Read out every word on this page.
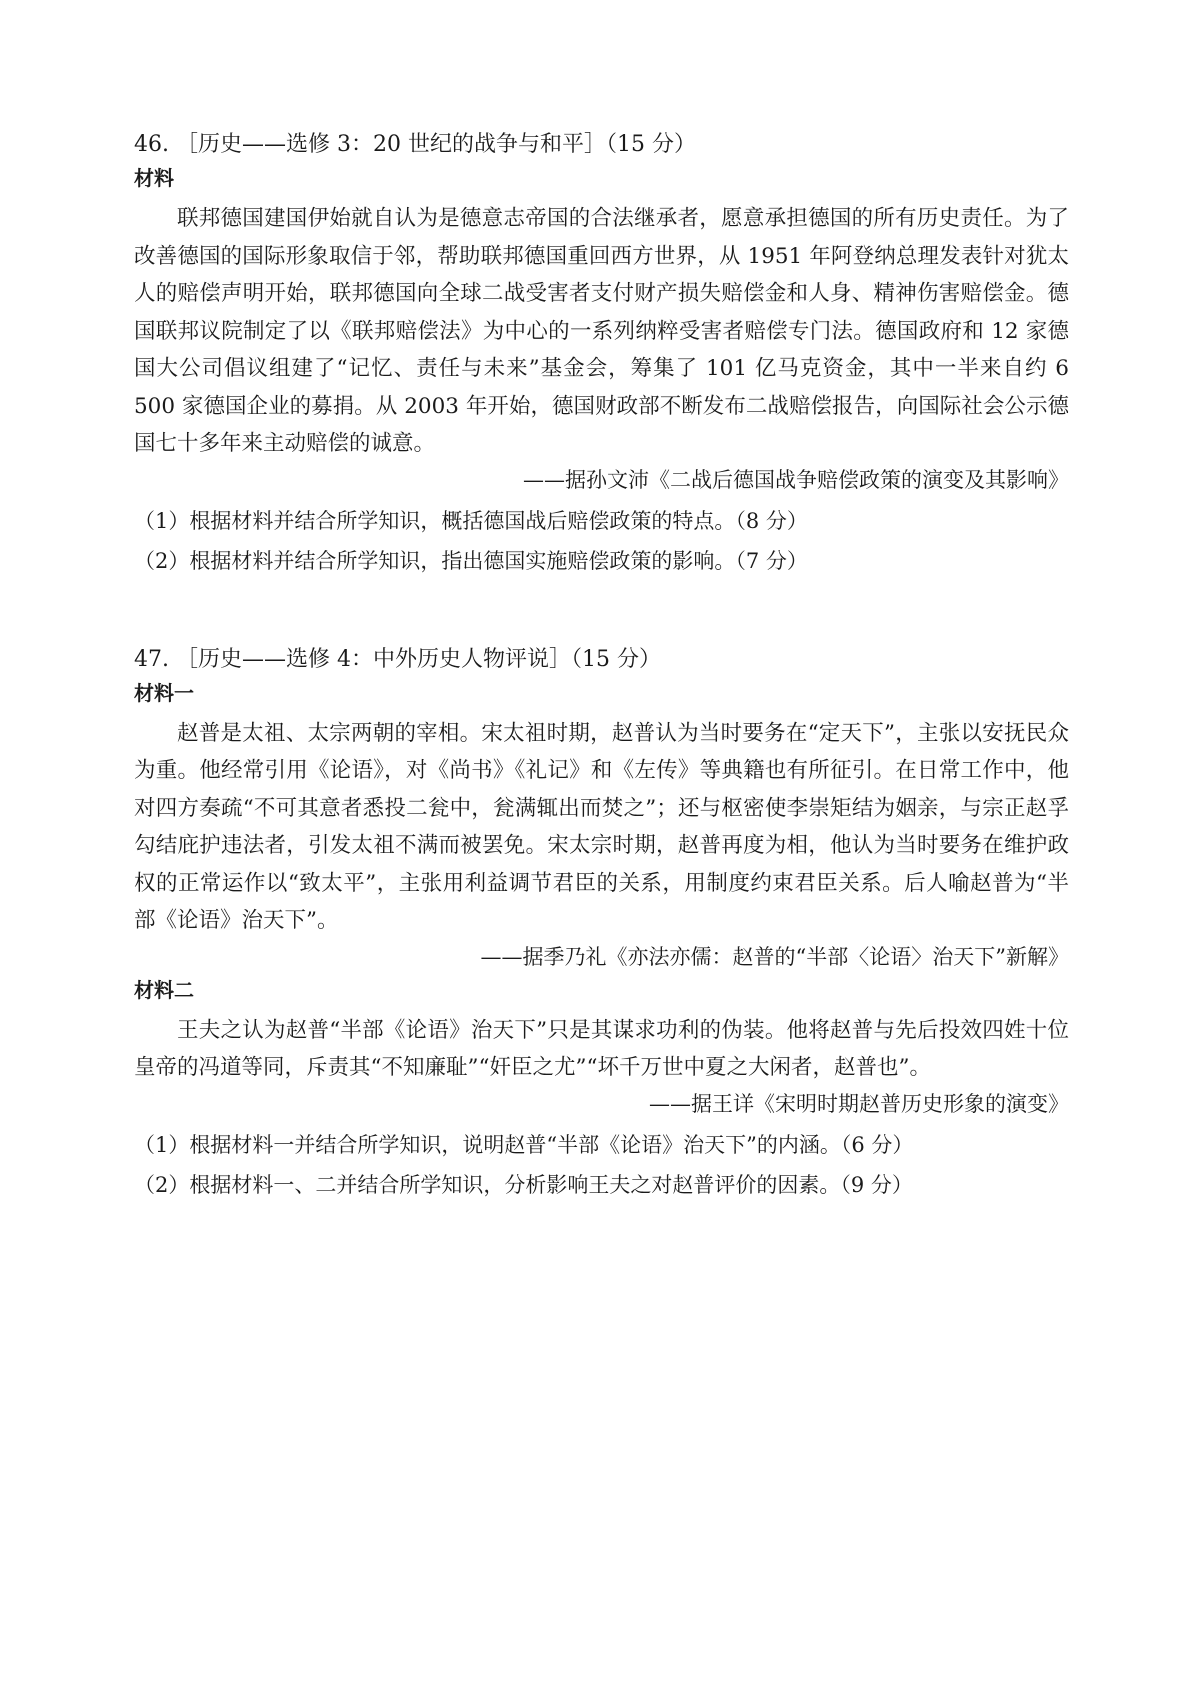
46. ［历史——选修 3：20 世纪的战争与和平］（15 分）
材料

联邦德国建国伊始就自认为是德意志帝国的合法继承者，愿意承担德国的所有历史责任。为了改善德国的国际形象取信于邻，帮助联邦德国重回西方世界，从 1951 年阿登纳总理发表针对犹太人的赔偿声明开始，联邦德国向全球二战受害者支付财产损失赔偿金和人身、精神伤害赔偿金。德国联邦议院制定了以《联邦赔偿法》为中心的一系列纳粹受害者赔偿专门法。德国政府和 12 家德国大公司倡议组建了“记忆、责任与未来”基金会，筹集了 101 亿马克资金，其中一半来自约 6 500 家德国企业的募捐。从 2003 年开始，德国财政部不断发布二战赔偿报告，向国际社会公示德国七十多年来主动赔偿的诚意。

——据孙文沛《二战后德国战争赔偿政策的演变及其影响》
（1）根据材料并结合所学知识，概括德国战后赔偿政策的特点。（8 分）
（2）根据材料并结合所学知识，指出德国实施赔偿政策的影响。（7 分）
47. ［历史——选修 4：中外历史人物评说］（15 分）
材料一

赵普是太祖、太宗两朝的宰相。宋太祖时期，赵普认为当时要务在“定天下”，主张以安抚民众为重。他经常引用《论语》，对《尚书》《礼记》和《左传》等典籍也有所征引。在日常工作中，他对四方奏疏“不可其意者悉投二瓮中，瓮满辄出而焚之”；还与枢密使李崇矩结为姻亲，与宗正赵孚勾结庇护违法者，引发太祖不满而被罢免。宋太宗时期，赵普再度为相，他认为当时要务在维护政权的正常运作以“致太平”，主张用利益调节君臣的关系，用制度约束君臣关系。后人喻赵普为“半部《论语》治天下”。

——据季乃礼《亦法亦儒：赵普的“半部〈论语〉治天下”新解》
材料二

王夫之认为赵普“半部《论语》治天下”只是其谋求功利的伪装。他将赵普与先后投效四姓十位皇帝的冯道等同，斥责其“不知廉耻”“奸臣之尤”“坏千万世中夏之大闲者，赵普也”。

——据王详《宋明时期赵普历史形象的演变》
（1）根据材料一并结合所学知识，说明赵普“半部《论语》治天下”的内涵。（6 分）
（2）根据材料一、二并结合所学知识，分析影响王夫之对赵普评价的因素。（9 分）
